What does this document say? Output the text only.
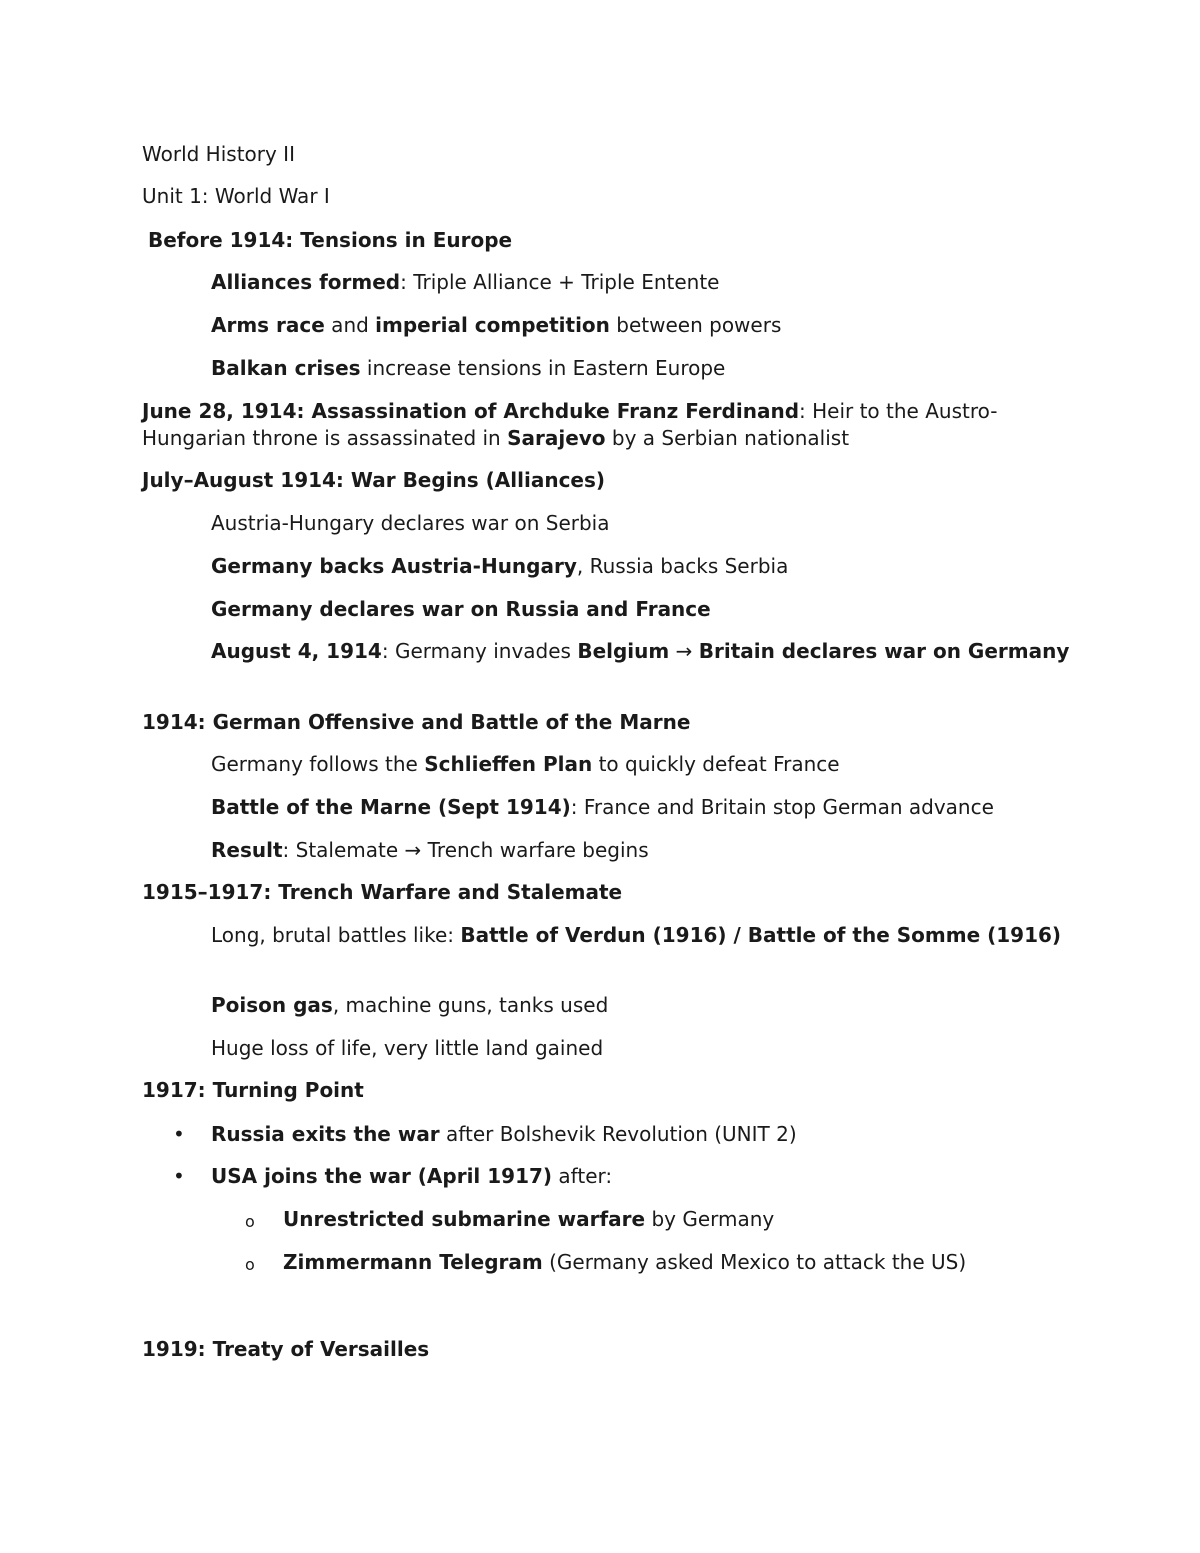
World History II

Unit 1: World War I

Before 1914: Tensions in Europe

Alliances formed: Triple Alliance + Triple Entente

Arms race and imperial competition between powers

Balkan crises increase tensions in Eastern Europe

June 28, 1914: Assassination of Archduke Franz Ferdinand: Heir to the Austro-Hungarian throne is assassinated in Sarajevo by a Serbian nationalist

July–August 1914: War Begins (Alliances)

Austria-Hungary declares war on Serbia

Germany backs Austria-Hungary, Russia backs Serbia

Germany declares war on Russia and France

August 4, 1914: Germany invades Belgium → Britain declares war on Germany

1914: German Offensive and Battle of the Marne

Germany follows the Schlieffen Plan to quickly defeat France

Battle of the Marne (Sept 1914): France and Britain stop German advance

Result: Stalemate → Trench warfare begins

1915–1917: Trench Warfare and Stalemate

Long, brutal battles like: Battle of Verdun (1916) / Battle of the Somme (1916)

Poison gas, machine guns, tanks used

Huge loss of life, very little land gained

1917: Turning Point

• Russia exits the war after Bolshevik Revolution (UNIT 2)

• USA joins the war (April 1917) after:

o Unrestricted submarine warfare by Germany

o Zimmermann Telegram (Germany asked Mexico to attack the US)

1919: Treaty of Versailles
